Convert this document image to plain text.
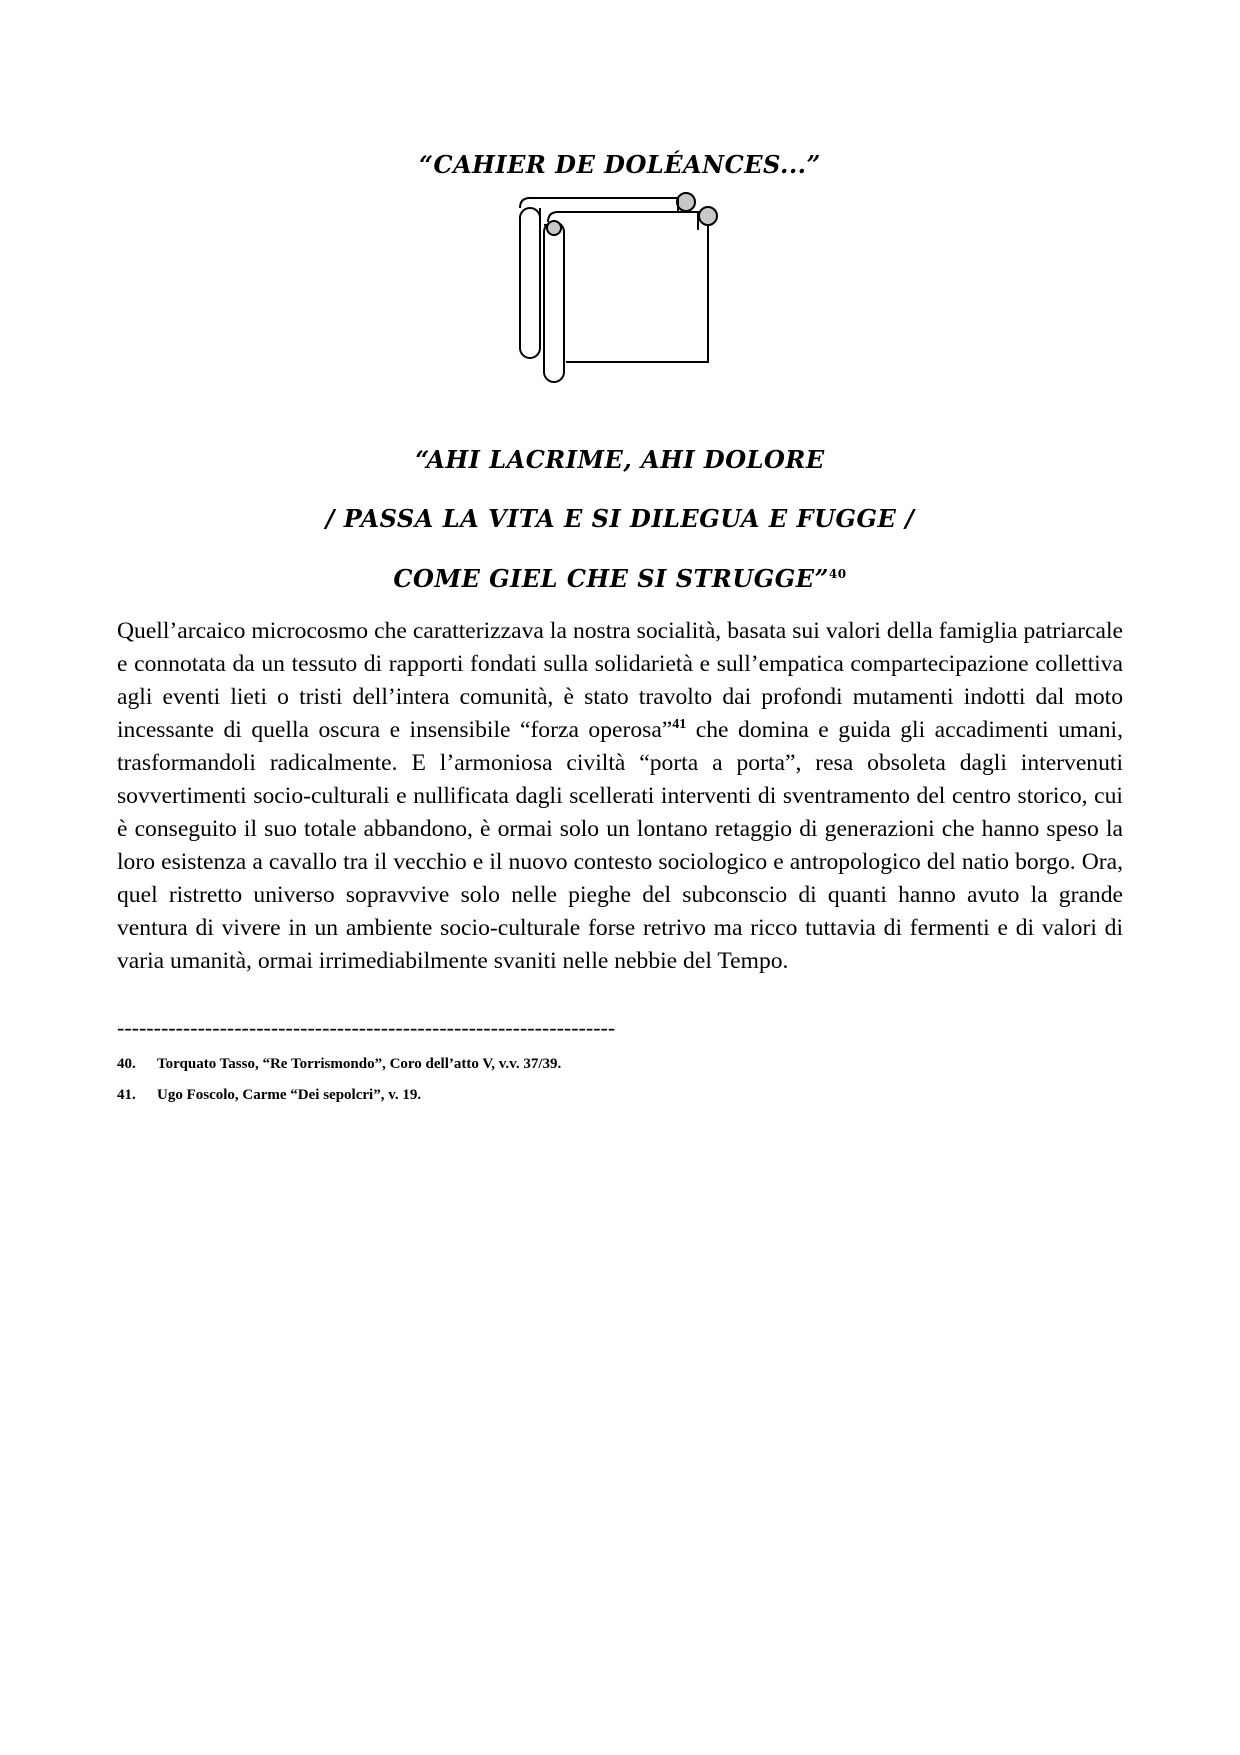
“CAHIER DE DOLÉANCES...”
“AHI LACRIME, AHI DOLORE
/ PASSA LA VITA E SI DILEGUA E FUGGE /
COME GIEL CHE SI STRUGGE”$^{40}$

Quell’arcaico microcosmo che caratterizzava la nostra socialità, basata sui valori della famiglia patriarcale e connotata da un tessuto di rapporti fondati sulla solidarietà e sull’empatica compartecipazione collettiva agli eventi lieti o tristi dell’intera comunità, è stato travolto dai profondi mutamenti indotti dal moto incessante di quella oscura e insensibile “forza operosa”$^{41}$ che domina e guida gli accadimenti umani, trasformandoli radicalmente. E l’armoniosa civiltà “porta a porta”, resa obsoleta dagli intervenuti sovvertimenti socio-culturali e nullificata dagli scellerati interventi di sventramento del centro storico, cui è conseguito il suo totale abbandono, è ormai solo un lontano retaggio di generazioni che hanno speso la loro esistenza a cavallo tra il vecchio e il nuovo contesto sociologico e antropologico del natio borgo. Ora, quel ristretto universo sopravvive solo nelle pieghe del subconscio di quanti hanno avuto la grande ventura di vivere in un ambiente socio-culturale forse retrivo ma ricco tuttavia di fermenti e di valori di varia umanità, ormai irrimediabilmente svaniti nelle nebbie del Tempo.

--------------------------------------------------------------------
40. Torquato Tasso, “Re Torrismondo”, Coro dell’atto V, v.v. 37/39.
41. Ugo Foscolo, Carme “Dei sepolcri”, v. 19.
